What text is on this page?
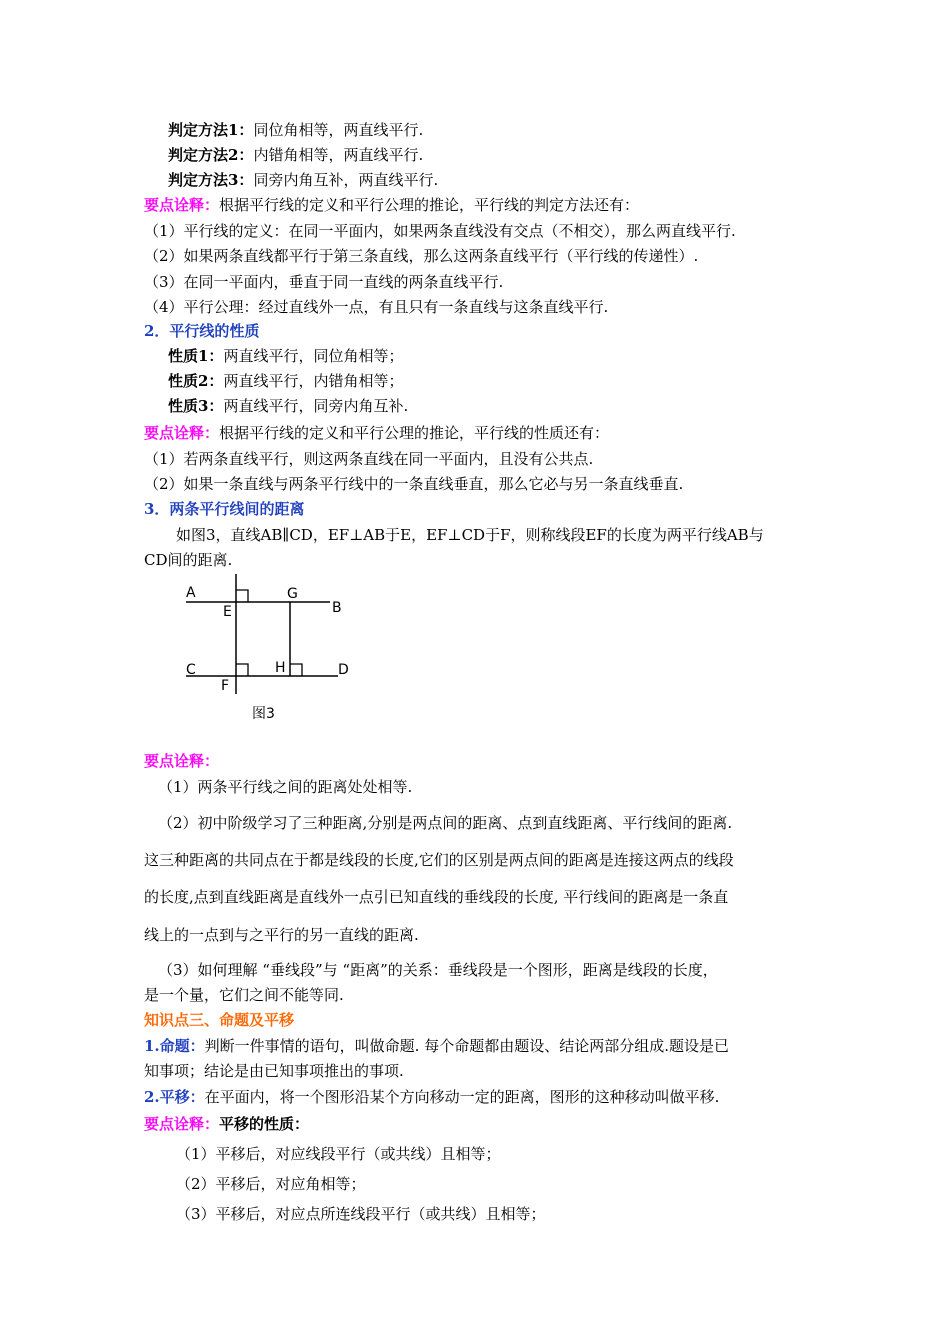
判定方法1：同位角相等，两直线平行.
判定方法2：内错角相等，两直线平行.
判定方法3：同旁内角互补，两直线平行.
要点诠释：根据平行线的定义和平行公理的推论，平行线的判定方法还有：
（1）平行线的定义：在同一平面内，如果两条直线没有交点（不相交），那么两直线平行.
（2）如果两条直线都平行于第三条直线，那么这两条直线平行（平行线的传递性）.
（3）在同一平面内，垂直于同一直线的两条直线平行.
（4）平行公理：经过直线外一点，有且只有一条直线与这条直线平行.
2．平行线的性质
性质1：两直线平行，同位角相等；
性质2：两直线平行，内错角相等；
性质3：两直线平行，同旁内角互补.
要点诠释：根据平行线的定义和平行公理的推论，平行线的性质还有：
（1）若两条直线平行，则这两条直线在同一平面内，且没有公共点.
（2）如果一条直线与两条平行线中的一条直线垂直，那么它必与另一条直线垂直.
3．两条平行线间的距离
如图3，直线AB∥CD，EF⊥AB于E，EF⊥CD于F，则称线段EF的长度为两平行线AB与
CD间的距离.
A
E
G
B
C	H	D
F
图3
要点诠释：
（1）两条平行线之间的距离处处相等.
（2）初中阶级学习了三种距离,分别是两点间的距离、点到直线距离、平行线间的距离.
这三种距离的共同点在于都是线段的长度,它们的区别是两点间的距离是连接这两点的线段
的长度,点到直线距离是直线外一点引已知直线的垂线段的长度, 平行线间的距离是一条直
线上的一点到与之平行的另一直线的距离.
（3）如何理解 “垂线段”与 “距离”的关系：垂线段是一个图形，距离是线段的长度，
是一个量，它们之间不能等同.
知识点三、命题及平移
1.命题：判断一件事情的语句，叫做命题. 每个命题都由题设、结论两部分组成.题设是已
知事项；结论是由已知事项推出的事项.
2.平移：在平面内，将一个图形沿某个方向移动一定的距离，图形的这种移动叫做平移.
要点诠释：平移的性质：
（1）平移后，对应线段平行（或共线）且相等；
（2）平移后，对应角相等；
（3）平移后，对应点所连线段平行（或共线）且相等；
